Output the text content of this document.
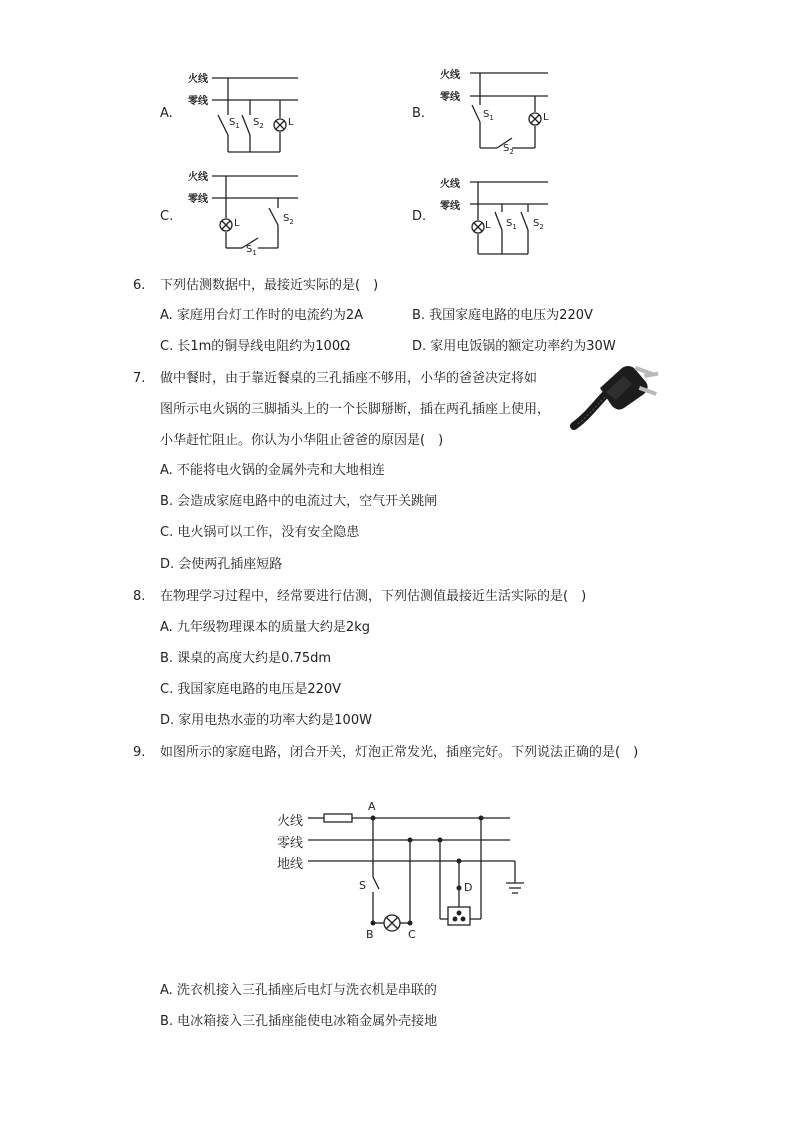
A.	B.
C.	D.
火线
零线
火线
零线
火线
零线
火线
零线
$S_1$ $S_2$ L
$S_1$
$S_2$
L
L	$S_2$
$S_1$
L $S_1$ $S_2$
6. 下列估测数据中，最接近实际的是(　)
A. 家庭用台灯工作时的电流约为2A	B. 我国家庭电路的电压为220V
C. 长1m的铜导线电阻约为100Ω	D. 家用电饭锅的额定功率约为30W
7. 做中餐时，由于靠近餐桌的三孔插座不够用，小华的爸爸决定将如
图所示电火锅的三脚插头上的一个长脚掰断，插在两孔插座上使用，
小华赶忙阻止。你认为小华阻止爸爸的原因是(　)
A. 不能将电火锅的金属外壳和大地相连
B. 会造成家庭电路中的电流过大，空气开关跳闸
C. 电火锅可以工作，没有安全隐患
D. 会使两孔插座短路
8. 在物理学习过程中，经常要进行估测，下列估测值最接近生活实际的是(　)
A. 九年级物理课本的质量大约是2kg
B. 课桌的高度大约是0.75dm
C. 我国家庭电路的电压是220V
D. 家用电热水壶的功率大约是100W
9. 如图所示的家庭电路，闭合开关，灯泡正常发光，插座完好。下列说法正确的是(　)
火线
零线
地线
A
S
B	C
D
A. 洗衣机接入三孔插座后电灯与洗衣机是串联的
B. 电冰箱接入三孔插座能使电冰箱金属外壳接地
